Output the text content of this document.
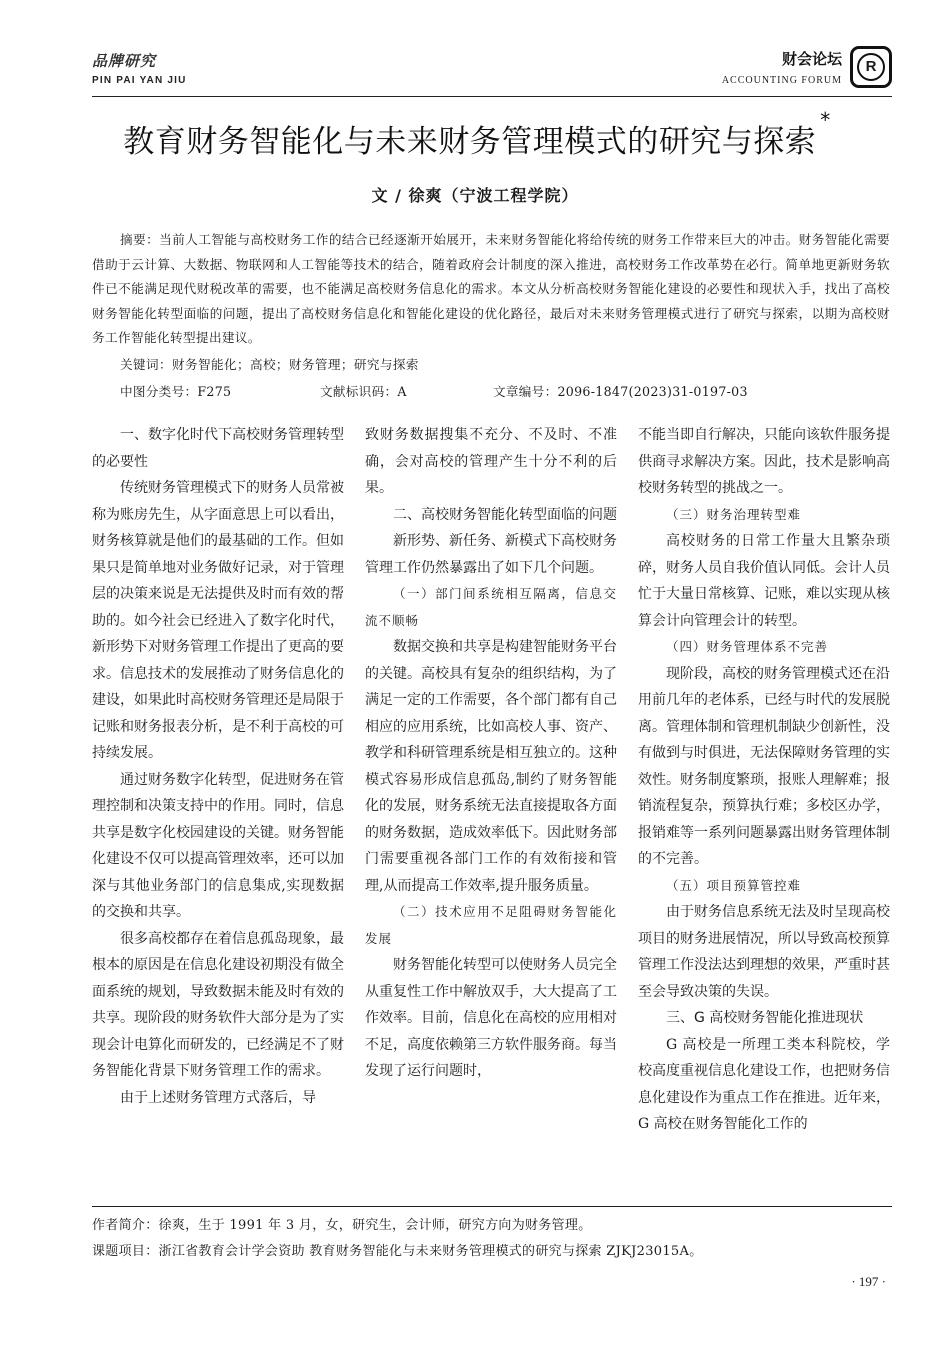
品牌研究
PIN PAI YAN JIU
财会论坛
ACCOUNTING FORUM
R
教育财务智能化与未来财务管理模式的研究与探索*
文 / 徐爽（宁波工程学院）

摘要：当前人工智能与高校财务工作的结合已经逐渐开始展开，未来财务智能化将给传统的财务工作带来巨大的冲击。财务智能化需要借助于云计算、大数据、物联网和人工智能等技术的结合，随着政府会计制度的深入推进，高校财务工作改革势在必行。简单地更新财务软件已不能满足现代财税改革的需要，也不能满足高校财务信息化的需求。本文从分析高校财务智能化建设的必要性和现状入手，找出了高校财务智能化转型面临的问题，提出了高校财务信息化和智能化建设的优化路径，最后对未来财务管理模式进行了研究与探索，以期为高校财务工作智能化转型提出建议。

关键词：财务智能化；高校；财务管理；研究与探索
中图分类号：F275	文献标识码：A	文章编号：2096-1847(2023)31-0197-03

一、数字化时代下高校财务管理转型的必要性

传统财务管理模式下的财务人员常被称为账房先生，从字面意思上可以看出，财务核算就是他们的最基础的工作。但如果只是简单地对业务做好记录，对于管理层的决策来说是无法提供及时而有效的帮助的。如今社会已经进入了数字化时代，新形势下对财务管理工作提出了更高的要求。信息技术的发展推动了财务信息化的建设，如果此时高校财务管理还是局限于记账和财务报表分析，是不利于高校的可持续发展。

通过财务数字化转型，促进财务在管理控制和决策支持中的作用。同时，信息共享是数字化校园建设的关键。财务智能化建设不仅可以提高管理效率，还可以加深与其他业务部门的信息集成,实现数据的交换和共享。

很多高校都存在着信息孤岛现象，最根本的原因是在信息化建设初期没有做全面系统的规划，导致数据未能及时有效的共享。现阶段的财务软件大部分是为了实现会计电算化而研发的，已经满足不了财务智能化背景下财务管理工作的需求。

由于上述财务管理方式落后，导

致财务数据搜集不充分、不及时、不准确，会对高校的管理产生十分不利的后果。

二、高校财务智能化转型面临的问题

新形势、新任务、新模式下高校财务管理工作仍然暴露出了如下几个问题。

（一）部门间系统相互隔离，信息交流不顺畅

数据交换和共享是构建智能财务平台的关键。高校具有复杂的组织结构，为了满足一定的工作需要，各个部门都有自己相应的应用系统，比如高校人事、资产、教学和科研管理系统是相互独立的。这种模式容易形成信息孤岛,制约了财务智能化的发展，财务系统无法直接提取各方面的财务数据，造成效率低下。因此财务部门需要重视各部门工作的有效衔接和管理,从而提高工作效率,提升服务质量。

（二）技术应用不足阻碍财务智能化发展

财务智能化转型可以使财务人员完全从重复性工作中解放双手，大大提高了工作效率。目前，信息化在高校的应用相对不足，高度依赖第三方软件服务商。每当发现了运行问题时，

不能当即自行解决，只能向该软件服务提供商寻求解决方案。因此，技术是影响高校财务转型的挑战之一。

（三）财务治理转型难

高校财务的日常工作量大且繁杂琐碎，财务人员自我价值认同低。会计人员忙于大量日常核算、记账，难以实现从核算会计向管理会计的转型。

（四）财务管理体系不完善

现阶段，高校的财务管理模式还在沿用前几年的老体系，已经与时代的发展脱离。管理体制和管理机制缺少创新性，没有做到与时俱进，无法保障财务管理的实效性。财务制度繁琐，报账人理解难；报销流程复杂，预算执行难；多校区办学，报销难等一系列问题暴露出财务管理体制的不完善。

（五）项目预算管控难

由于财务信息系统无法及时呈现高校项目的财务进展情况，所以导致高校预算管理工作没法达到理想的效果，严重时甚至会导致决策的失误。

三、G 高校财务智能化推进现状

G 高校是一所理工类本科院校，学校高度重视信息化建设工作，也把财务信息化建设作为重点工作在推进。近年来，G 高校在财务智能化工作的

作者简介：徐爽，生于 1991 年 3 月，女，研究生，会计师，研究方向为财务管理。
课题项目：浙江省教育会计学会资助 教育财务智能化与未来财务管理模式的研究与探索 ZJKJ23015A。
· 197 ·
